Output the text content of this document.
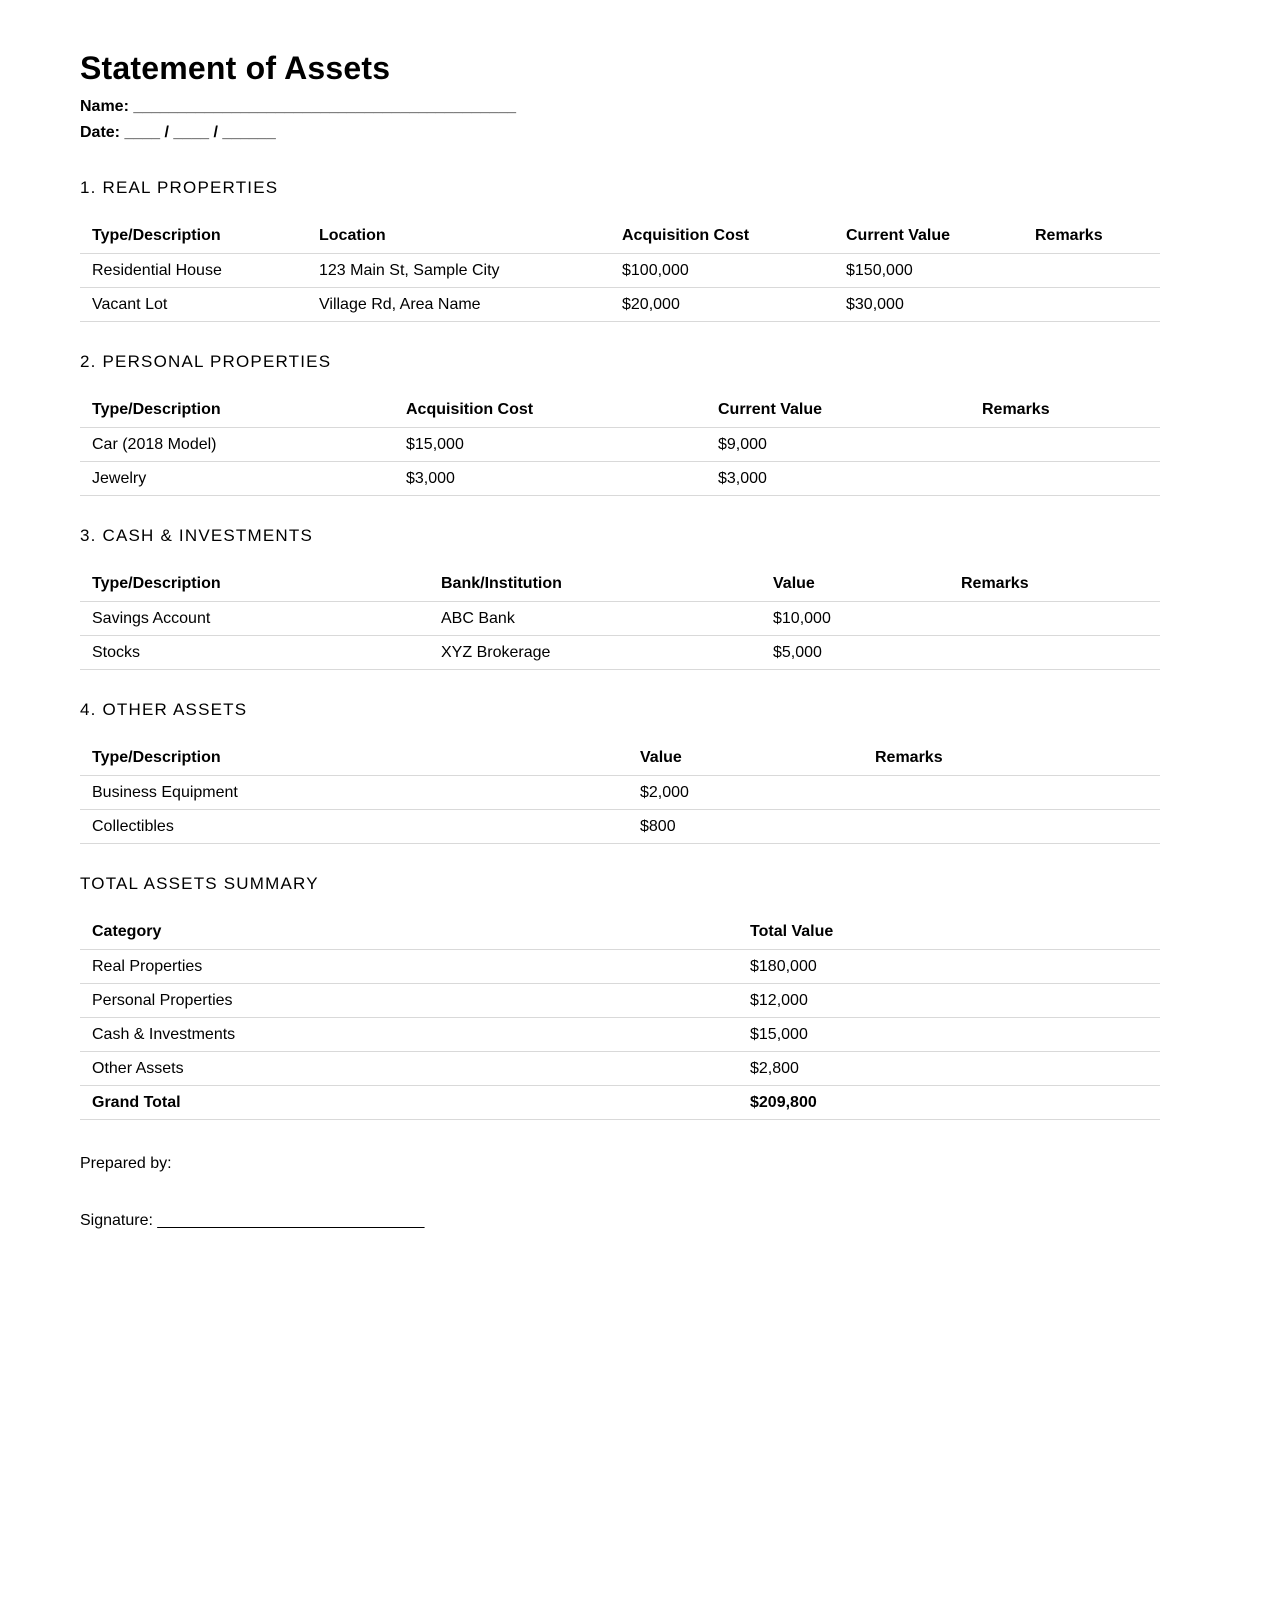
Statement of Assets
Name: ___________________________________________
Date: ____ / ____ / ______
1. REAL PROPERTIES
Type/Description	Location	Acquisition Cost	Current Value	Remarks
Residential House	123 Main St, Sample City	$100,000	$150,000	
Vacant Lot	Village Rd, Area Name	$20,000	$30,000	
2. PERSONAL PROPERTIES
Type/Description	Acquisition Cost	Current Value	Remarks
Car (2018 Model)	$15,000	$9,000	
Jewelry	$3,000	$3,000	
3. CASH & INVESTMENTS
Type/Description	Bank/Institution	Value	Remarks
Savings Account	ABC Bank	$10,000	
Stocks	XYZ Brokerage	$5,000	
4. OTHER ASSETS
Type/Description	Value	Remarks
Business Equipment	$2,000	
Collectibles	$800	
TOTAL ASSETS SUMMARY
Category	Total Value
Real Properties	$180,000
Personal Properties	$12,000
Cash & Investments	$15,000
Other Assets	$2,800
Grand Total	$209,800
Prepared by:
Signature: ______________________________
